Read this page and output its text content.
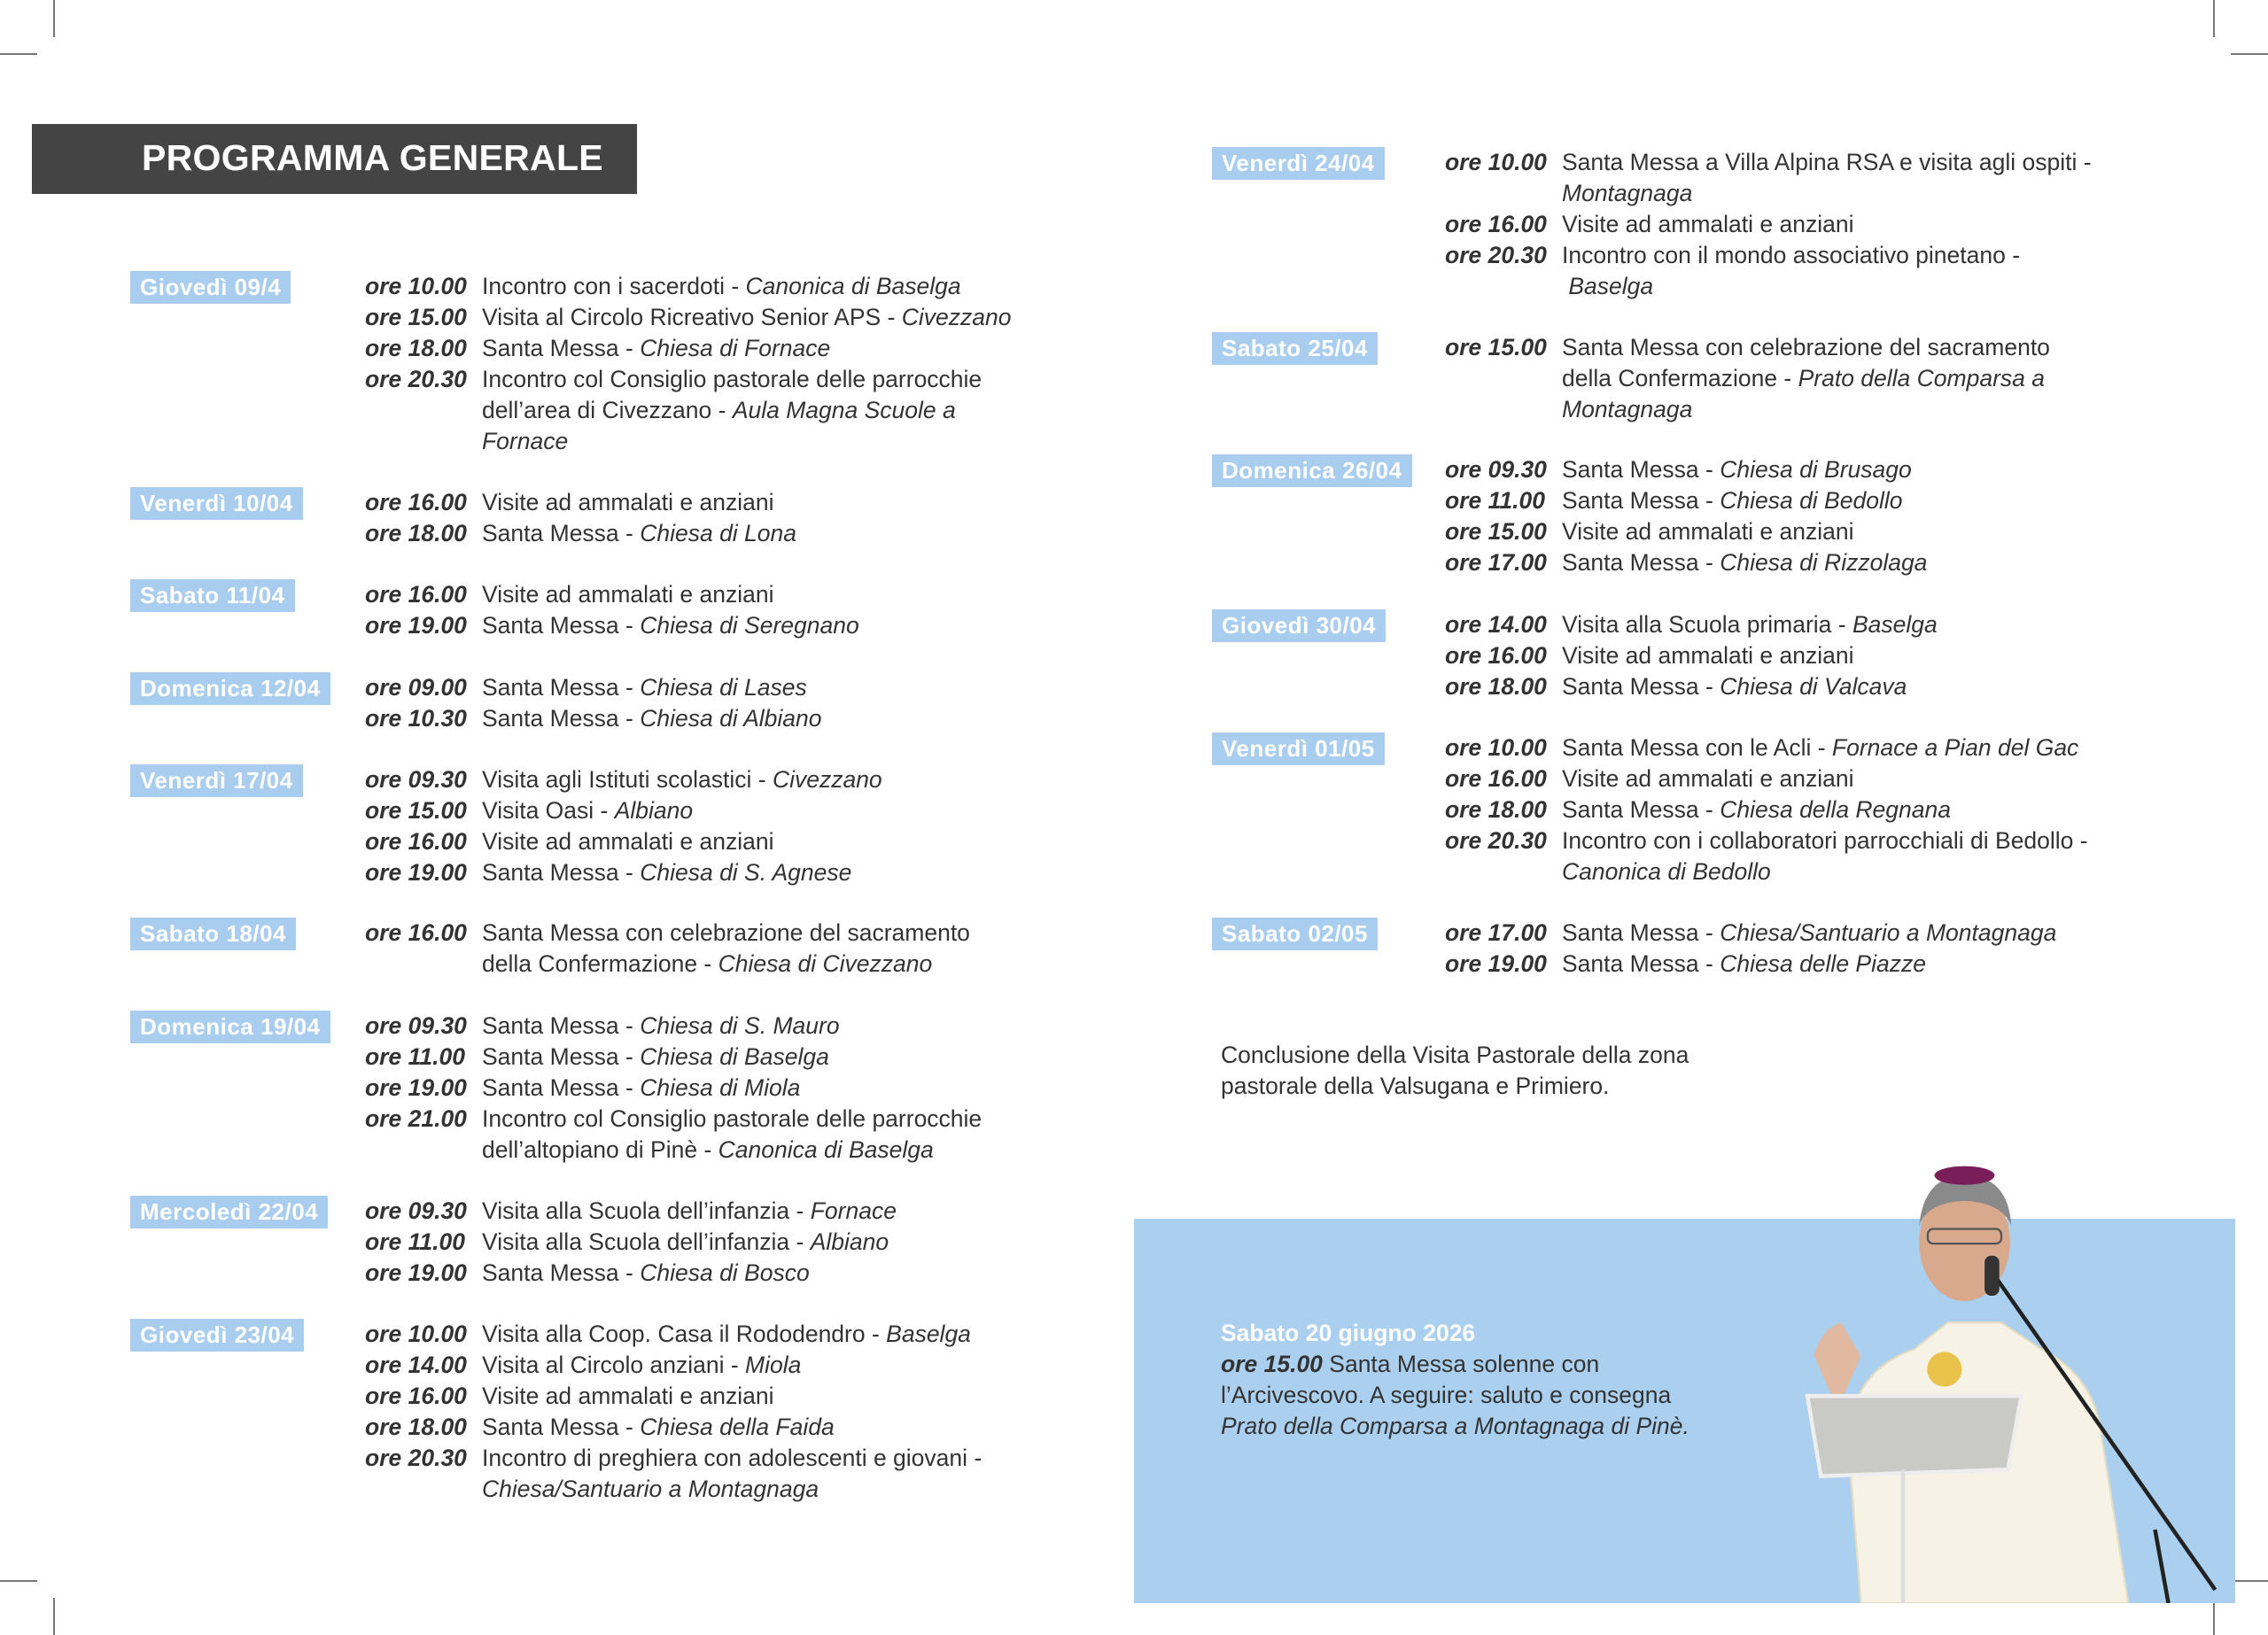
PROGRAMMA GENERALE
Giovedì 09/4	ore 10.00 Incontro con i sacerdoti - Canonica di Baselga
ore 15.00 Visita al Circolo Ricreativo Senior APS - Civezzano
ore 18.00 Santa Messa - Chiesa di Fornace
ore 20.30 Incontro col Consiglio pastorale delle parrocchie
dell’area di Civezzano - Aula Magna Scuole a
Fornace
Venerdì 10/04	ore 16.00 Visite ad ammalati e anziani
ore 18.00 Santa Messa - Chiesa di Lona
Sabato 11/04	ore 16.00 Visite ad ammalati e anziani
ore 19.00 Santa Messa - Chiesa di Seregnano
Domenica 12/04	ore 09.00 Santa Messa - Chiesa di Lases
ore 10.30 Santa Messa - Chiesa di Albiano
Venerdì 17/04	ore 09.30 Visita agli Istituti scolastici - Civezzano
ore 15.00 Visita Oasi - Albiano
ore 16.00 Visite ad ammalati e anziani
ore 19.00 Santa Messa - Chiesa di S. Agnese
Sabato 18/04	ore 16.00 Santa Messa con celebrazione del sacramento
della Confermazione - Chiesa di Civezzano
Domenica 19/04	ore 09.30 Santa Messa - Chiesa di S. Mauro
ore 11.00 Santa Messa - Chiesa di Baselga
ore 19.00 Santa Messa - Chiesa di Miola
ore 21.00 Incontro col Consiglio pastorale delle parrocchie
dell’altopiano di Pinè - Canonica di Baselga
Mercoledì 22/04	ore 09.30 Visita alla Scuola dell’infanzia - Fornace
ore 11.00 Visita alla Scuola dell’infanzia - Albiano
ore 19.00 Santa Messa - Chiesa di Bosco
Giovedì 23/04	ore 10.00 Visita alla Coop. Casa il Rododendro - Baselga
ore 14.00 Visita al Circolo anziani - Miola
ore 16.00 Visite ad ammalati e anziani
ore 18.00 Santa Messa - Chiesa della Faida
ore 20.30 Incontro di preghiera con adolescenti e giovani -
Chiesa/Santuario a Montagnaga
Venerdì 24/04	ore 10.00 Santa Messa a Villa Alpina RSA e visita agli ospiti -
Montagnaga
ore 16.00 Visite ad ammalati e anziani
ore 20.30 Incontro con il mondo associativo pinetano -
Baselga
Sabato 25/04	ore 15.00 Santa Messa con celebrazione del sacramento
della Confermazione - Prato della Comparsa a
Montagnaga
Domenica 26/04	ore 09.30 Santa Messa - Chiesa di Brusago
ore 11.00 Santa Messa - Chiesa di Bedollo
ore 15.00 Visite ad ammalati e anziani
ore 17.00 Santa Messa - Chiesa di Rizzolaga
Giovedì 30/04	ore 14.00 Visita alla Scuola primaria - Baselga
ore 16.00 Visite ad ammalati e anziani
ore 18.00 Santa Messa - Chiesa di Valcava
Venerdì 01/05	ore 10.00 Santa Messa con le Acli - Fornace a Pian del Gac
ore 16.00 Visite ad ammalati e anziani
ore 18.00 Santa Messa - Chiesa della Regnana
ore 20.30 Incontro con i collaboratori parrocchiali di Bedollo -
Canonica di Bedollo
Sabato 02/05	ore 17.00 Santa Messa - Chiesa/Santuario a Montagnaga
ore 19.00 Santa Messa - Chiesa delle Piazze
Conclusione della Visita Pastorale della zona
pastorale della Valsugana e Primiero.
Sabato 20 giugno 2026
ore 15.00 Santa Messa solenne con l’Arcivescovo. A seguire: saluto e consegna Prato della Comparsa a Montagnaga di Pinè.
